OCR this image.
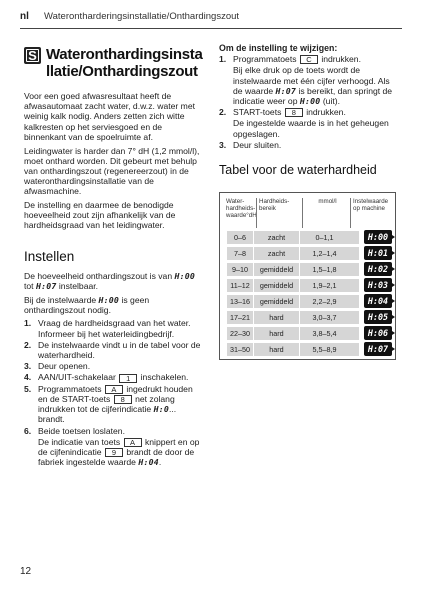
nl Waterontharderingsinstallatie/Onthardingszout
S Wateronthardingsinsta
llatie/Onthardingszout

Voor een goed afwasresultaat heeft de afwasautomaat zacht water, d.w.z. water met weinig kalk nodig. Anders zetten zich witte kalkresten op het serviesgoed en de binnenkant van de spoelruimte af.

Leidingwater is harder dan 7° dH (1,2 mmol/l), moet onthard worden. Dit gebeurt met behulp van onthardingszout (regenereerzout) in de wateronthardingsinstallatie van de afwasmachine.

De instelling en daarmee de benodigde hoeveelheid zout zijn afhankelijk van de hardheidsgraad van het leidingwater.

Instellen

De hoeveelheid onthardingszout is van H:00 tot H:07 instelbaar.

Bij de instelwaarde H:00 is geen onthardingszout nodig.

1. Vraag de hardheidsgraad van het water. Informeer bij het waterleidingbedrijf.
2. De instelwaarde vindt u in de tabel voor de waterhardheid.
3. Deur openen.
4. AAN/UIT-schakelaar 1 inschakelen.
5. Programmatoets A ingedrukt houden en de START-toets 8 net zolang indrukken tot de cijferindicatie H:0... brandt.
6. Beide toetsen loslaten.
De indicatie van toets A knippert en op de cijfenindicatie 9 brandt de door de fabriek ingestelde waarde H:04.
Om de instelling te wijzigen:
1. Programmatoets C indrukken.
Bij elke druk op de toets wordt de instelwaarde met één cijfer verhoogd. Als de waarde H:07 is bereikt, dan springt de indicatie weer op H:00 (uit).
2. START-toets 8 indrukken.
De ingestelde waarde is in het geheugen opgeslagen.
3. Deur sluiten.
Tabel voor de waterhardheid
Water-hardheids-waarde°dH
Hardheids-bereik
mmol/l	Instelwaarde op machine
0–6	zacht	0–1,1	H:00
7–8	zacht	1,2–1,4	H:01
9–10	gemiddeld	1,5–1,8	H:02
11–12	gemiddeld	1,9–2,1	H:03
13–16	gemiddeld	2,2–2,9	H:04
17–21	hard	3,0–3,7	H:05
22–30	hard	3,8–5,4	H:06
31–50	hard	5,5–8,9	H:07
12
